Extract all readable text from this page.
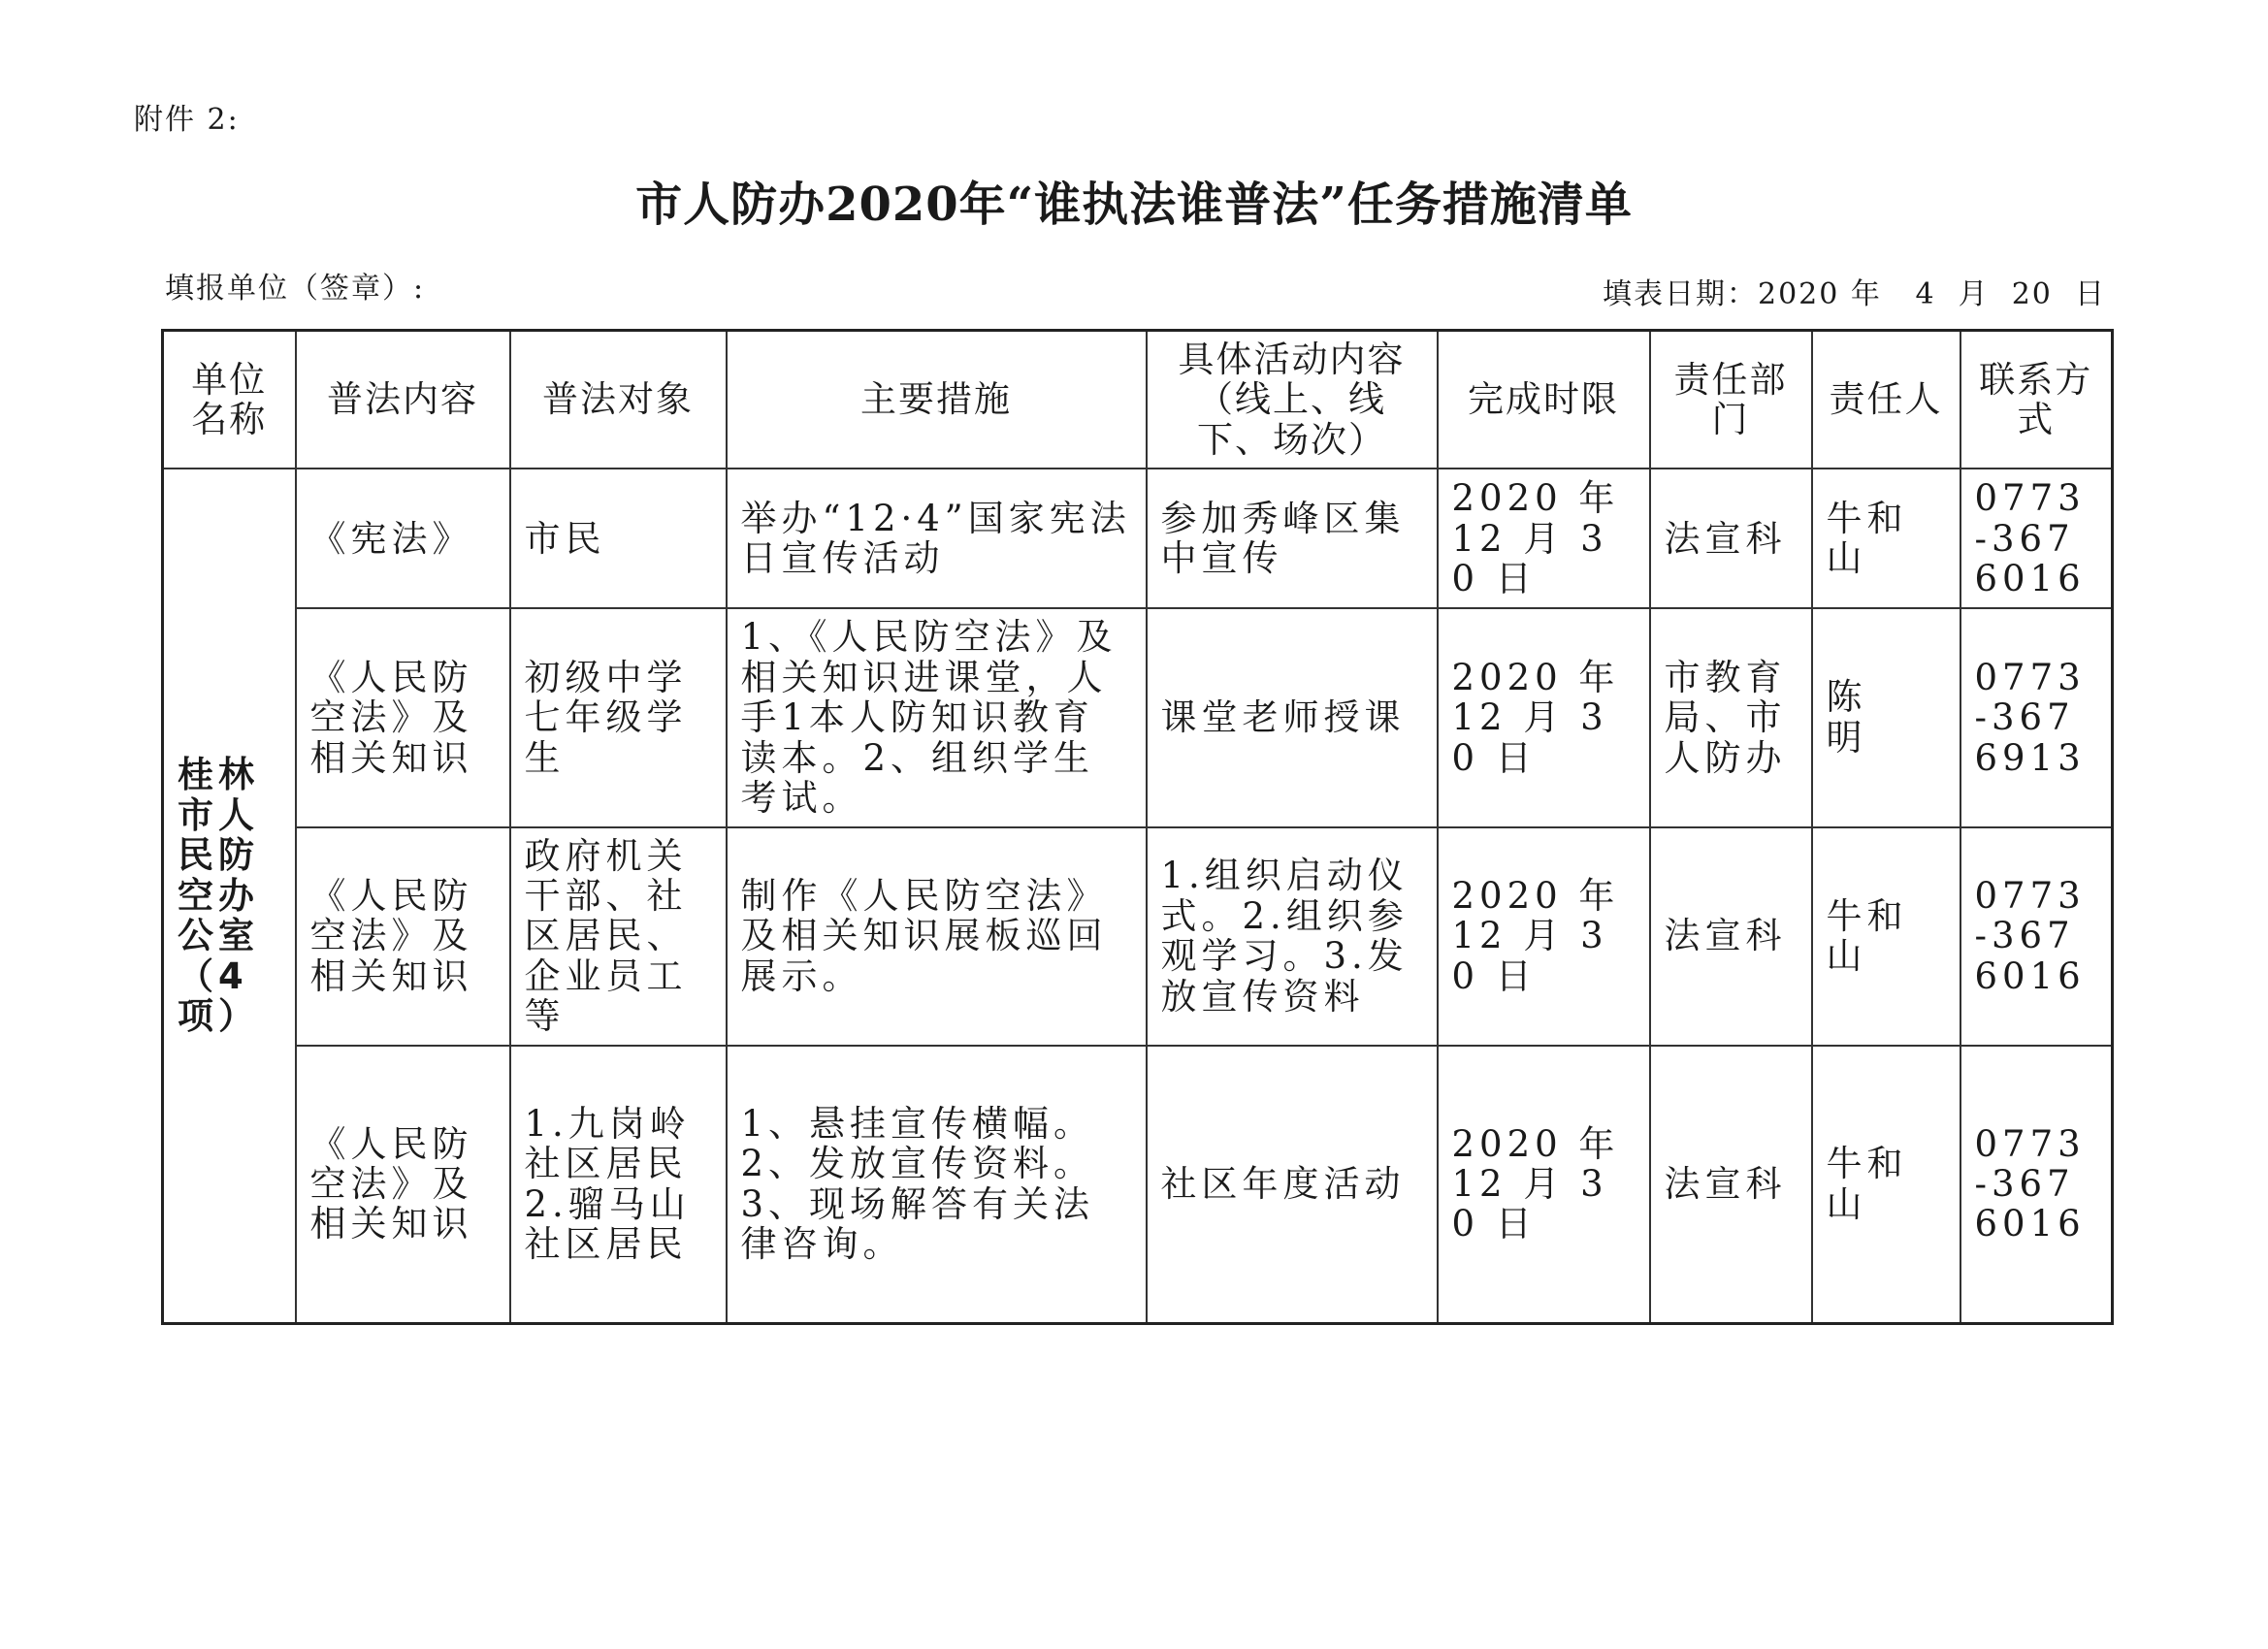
附件 2:
市人防办2020年“谁执法谁普法”任务措施清单
填报单位（签章）:	填表日期：2020 年   4  月  20  日
单位名称	普法内容	普法对象	主要措施	具体活动内容（线上、线下、场次）	完成时限	责任部门	责任人	联系方式
桂林市人民防空办公室（4项）	《宪法》	市民	举办“12·4”国家宪法日宣传活动	参加秀峰区集中宣传	2020 年 12 月 30 日	法宣科	牛和山	0773-3676016
	《人民防空法》及相关知识	初级中学七年级学生	1、《人民防空法》及相关知识进课堂，人手1本人防知识教育读本。2、组织学生考试。	课堂老师授课	2020 年 12 月 30 日	市教育局、市人防办	陈　明	0773-3676913
	《人民防空法》及相关知识	政府机关干部、社区居民、企业员工等	制作《人民防空法》及相关知识展板巡回展示。	1.组织启动仪式。2.组织参观学习。3.发放宣传资料	2020 年 12 月 30 日	法宣科	牛和山	0773-3676016
	《人民防空法》及相关知识	1.九岗岭社区居民 2.骝马山社区居民	1、悬挂宣传横幅。2、发放宣传资料。3、现场解答有关法律咨询。	社区年度活动	2020 年 12 月 30 日	法宣科	牛和山	0773-3676016
